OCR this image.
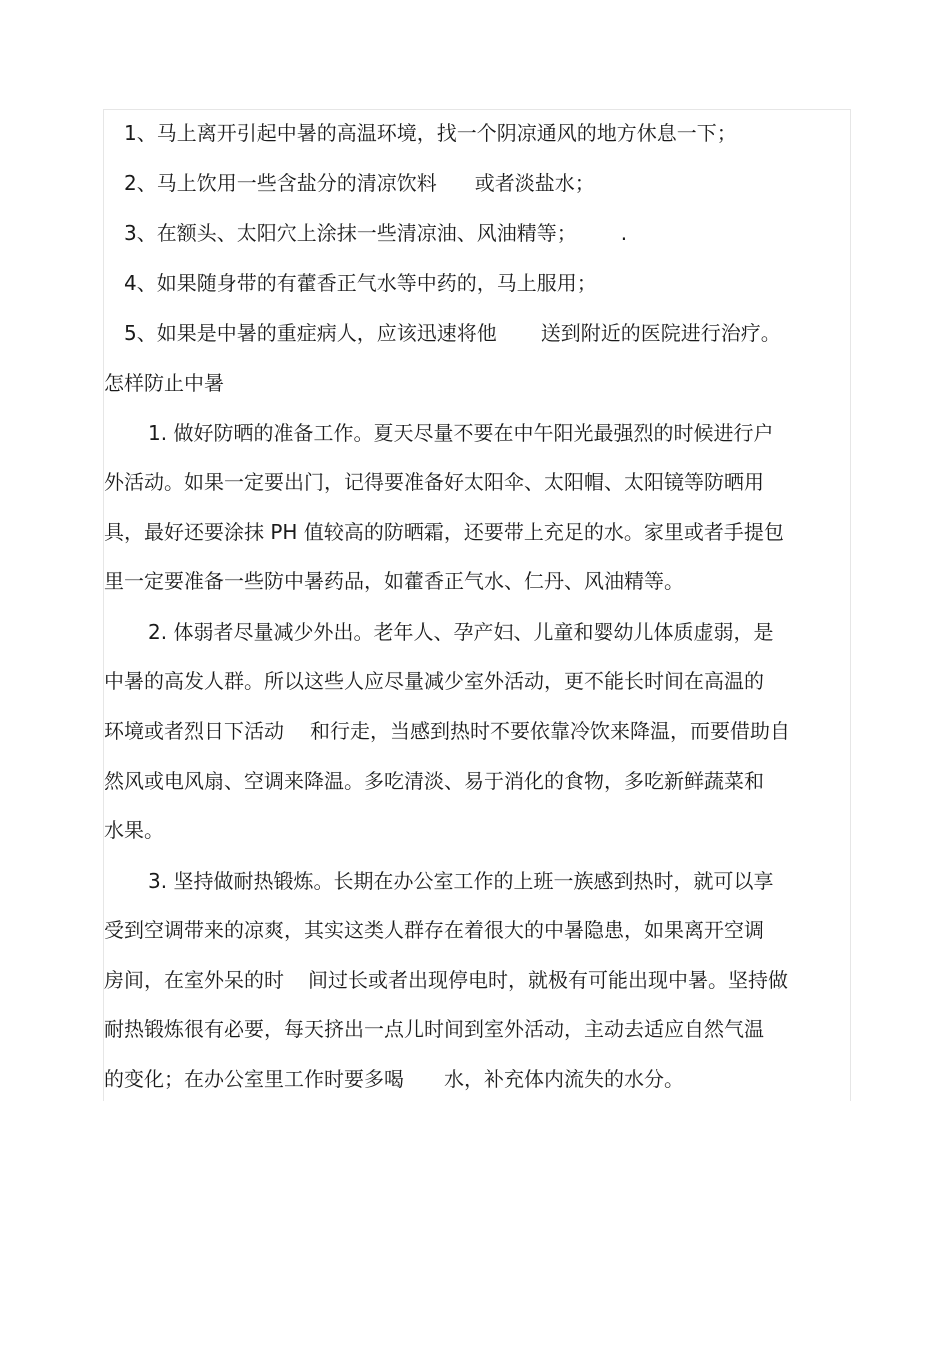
1、马上离开引起中暑的高温环境，找一个阴凉通风的地方休息一下；
2、马上饮用一些含盐分的清凉饮料 或者淡盐水；
3、在额头、太阳穴上涂抹一些清凉油、风油精等； .
4、如果随身带的有藿香正气水等中药的，马上服用；
5、如果是中暑的重症病人，应该迅速将他 送到附近的医院进行治疗。
怎样防止中暑
1. 做好防晒的准备工作。夏天尽量不要在中午阳光最强烈的时候进行户
外活动。如果一定要出门，记得要准备好太阳伞、太阳帽、太阳镜等防晒用
具，最好还要涂抹 PH 值较高的防晒霜，还要带上充足的水。家里或者手提包
里一定要准备一些防中暑药品，如藿香正气水、仁丹、风油精等。
2. 体弱者尽量减少外出。老年人、孕产妇、儿童和婴幼儿体质虚弱，是
中暑的高发人群。所以这些人应尽量减少室外活动，更不能长时间在高温的
环境或者烈日下活动 和行走，当感到热时不要依靠冷饮来降温，而要借助自
然风或电风扇、空调来降温。多吃清淡、易于消化的食物，多吃新鲜蔬菜和
水果。
3. 坚持做耐热锻炼。长期在办公室工作的上班一族感到热时，就可以享
受到空调带来的凉爽，其实这类人群存在着很大的中暑隐患，如果离开空调
房间，在室外呆的时 间过长或者出现停电时，就极有可能出现中暑。坚持做
耐热锻炼很有必要，每天挤出一点儿时间到室外活动，主动去适应自然气温
的变化；在办公室里工作时要多喝 水，补充体内流失的水分。
